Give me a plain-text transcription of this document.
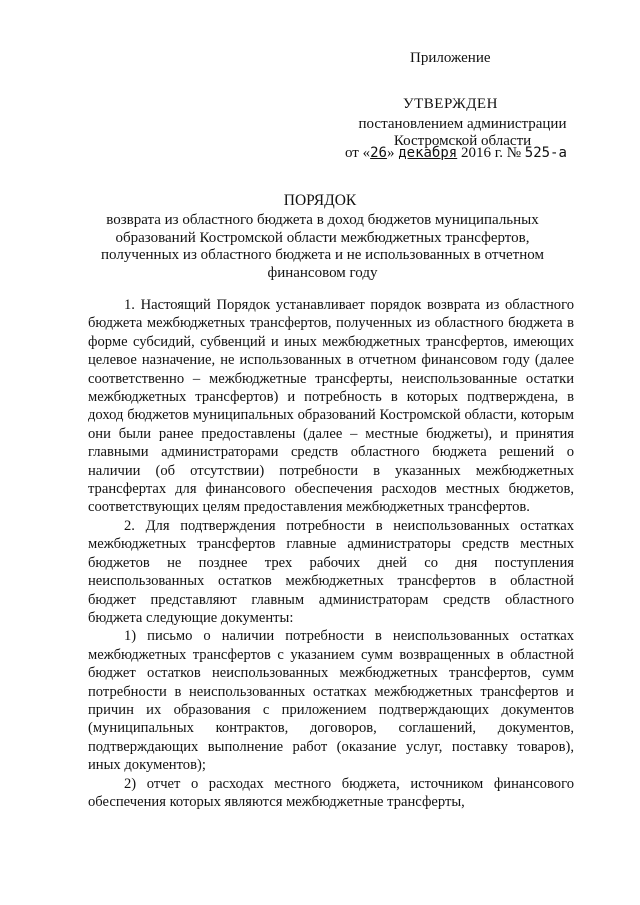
Приложение
УТВЕРЖДЕН
постановлением администрации
Костромской области
от «26» декабря 2016 г. № 525-а
ПОРЯДОК
возврата из областного бюджета в доход бюджетов муниципальных образований Костромской области межбюджетных трансфертов, полученных из областного бюджета и не использованных в отчетном финансовом году

1. Настоящий Порядок устанавливает порядок возврата из областного бюджета межбюджетных трансфертов, полученных из областного бюджета в форме субсидий, субвенций и иных межбюджетных трансфертов, имеющих целевое назначение, не использованных в отчетном финансовом году (далее соответственно – межбюджетные трансферты, неиспользованные остатки межбюджетных трансфертов) и потребность в которых подтверждена, в доход бюджетов муниципальных образований Костромской области, которым они были ранее предоставлены (далее – местные бюджеты), и принятия главными администраторами средств областного бюджета решений о наличии (об отсутствии) потребности в указанных межбюджетных трансфертах для финансового обеспечения расходов местных бюджетов, соответствующих целям предоставления межбюджетных трансфертов.

2. Для подтверждения потребности в неиспользованных остатках межбюджетных трансфертов главные администраторы средств местных бюджетов не позднее трех рабочих дней со дня поступления неиспользованных остатков межбюджетных трансфертов в областной бюджет представляют главным администраторам средств областного бюджета следующие документы:

1) письмо о наличии потребности в неиспользованных остатках межбюджетных трансфертов с указанием сумм возвращенных в областной бюджет остатков неиспользованных межбюджетных трансфертов, сумм потребности в неиспользованных остатках межбюджетных трансфертов и причин их образования с приложением подтверждающих документов (муниципальных контрактов, договоров, соглашений, документов, подтверждающих выполнение работ (оказание услуг, поставку товаров), иных документов);

2) отчет о расходах местного бюджета, источником финансового обеспечения которых являются межбюджетные трансферты,
